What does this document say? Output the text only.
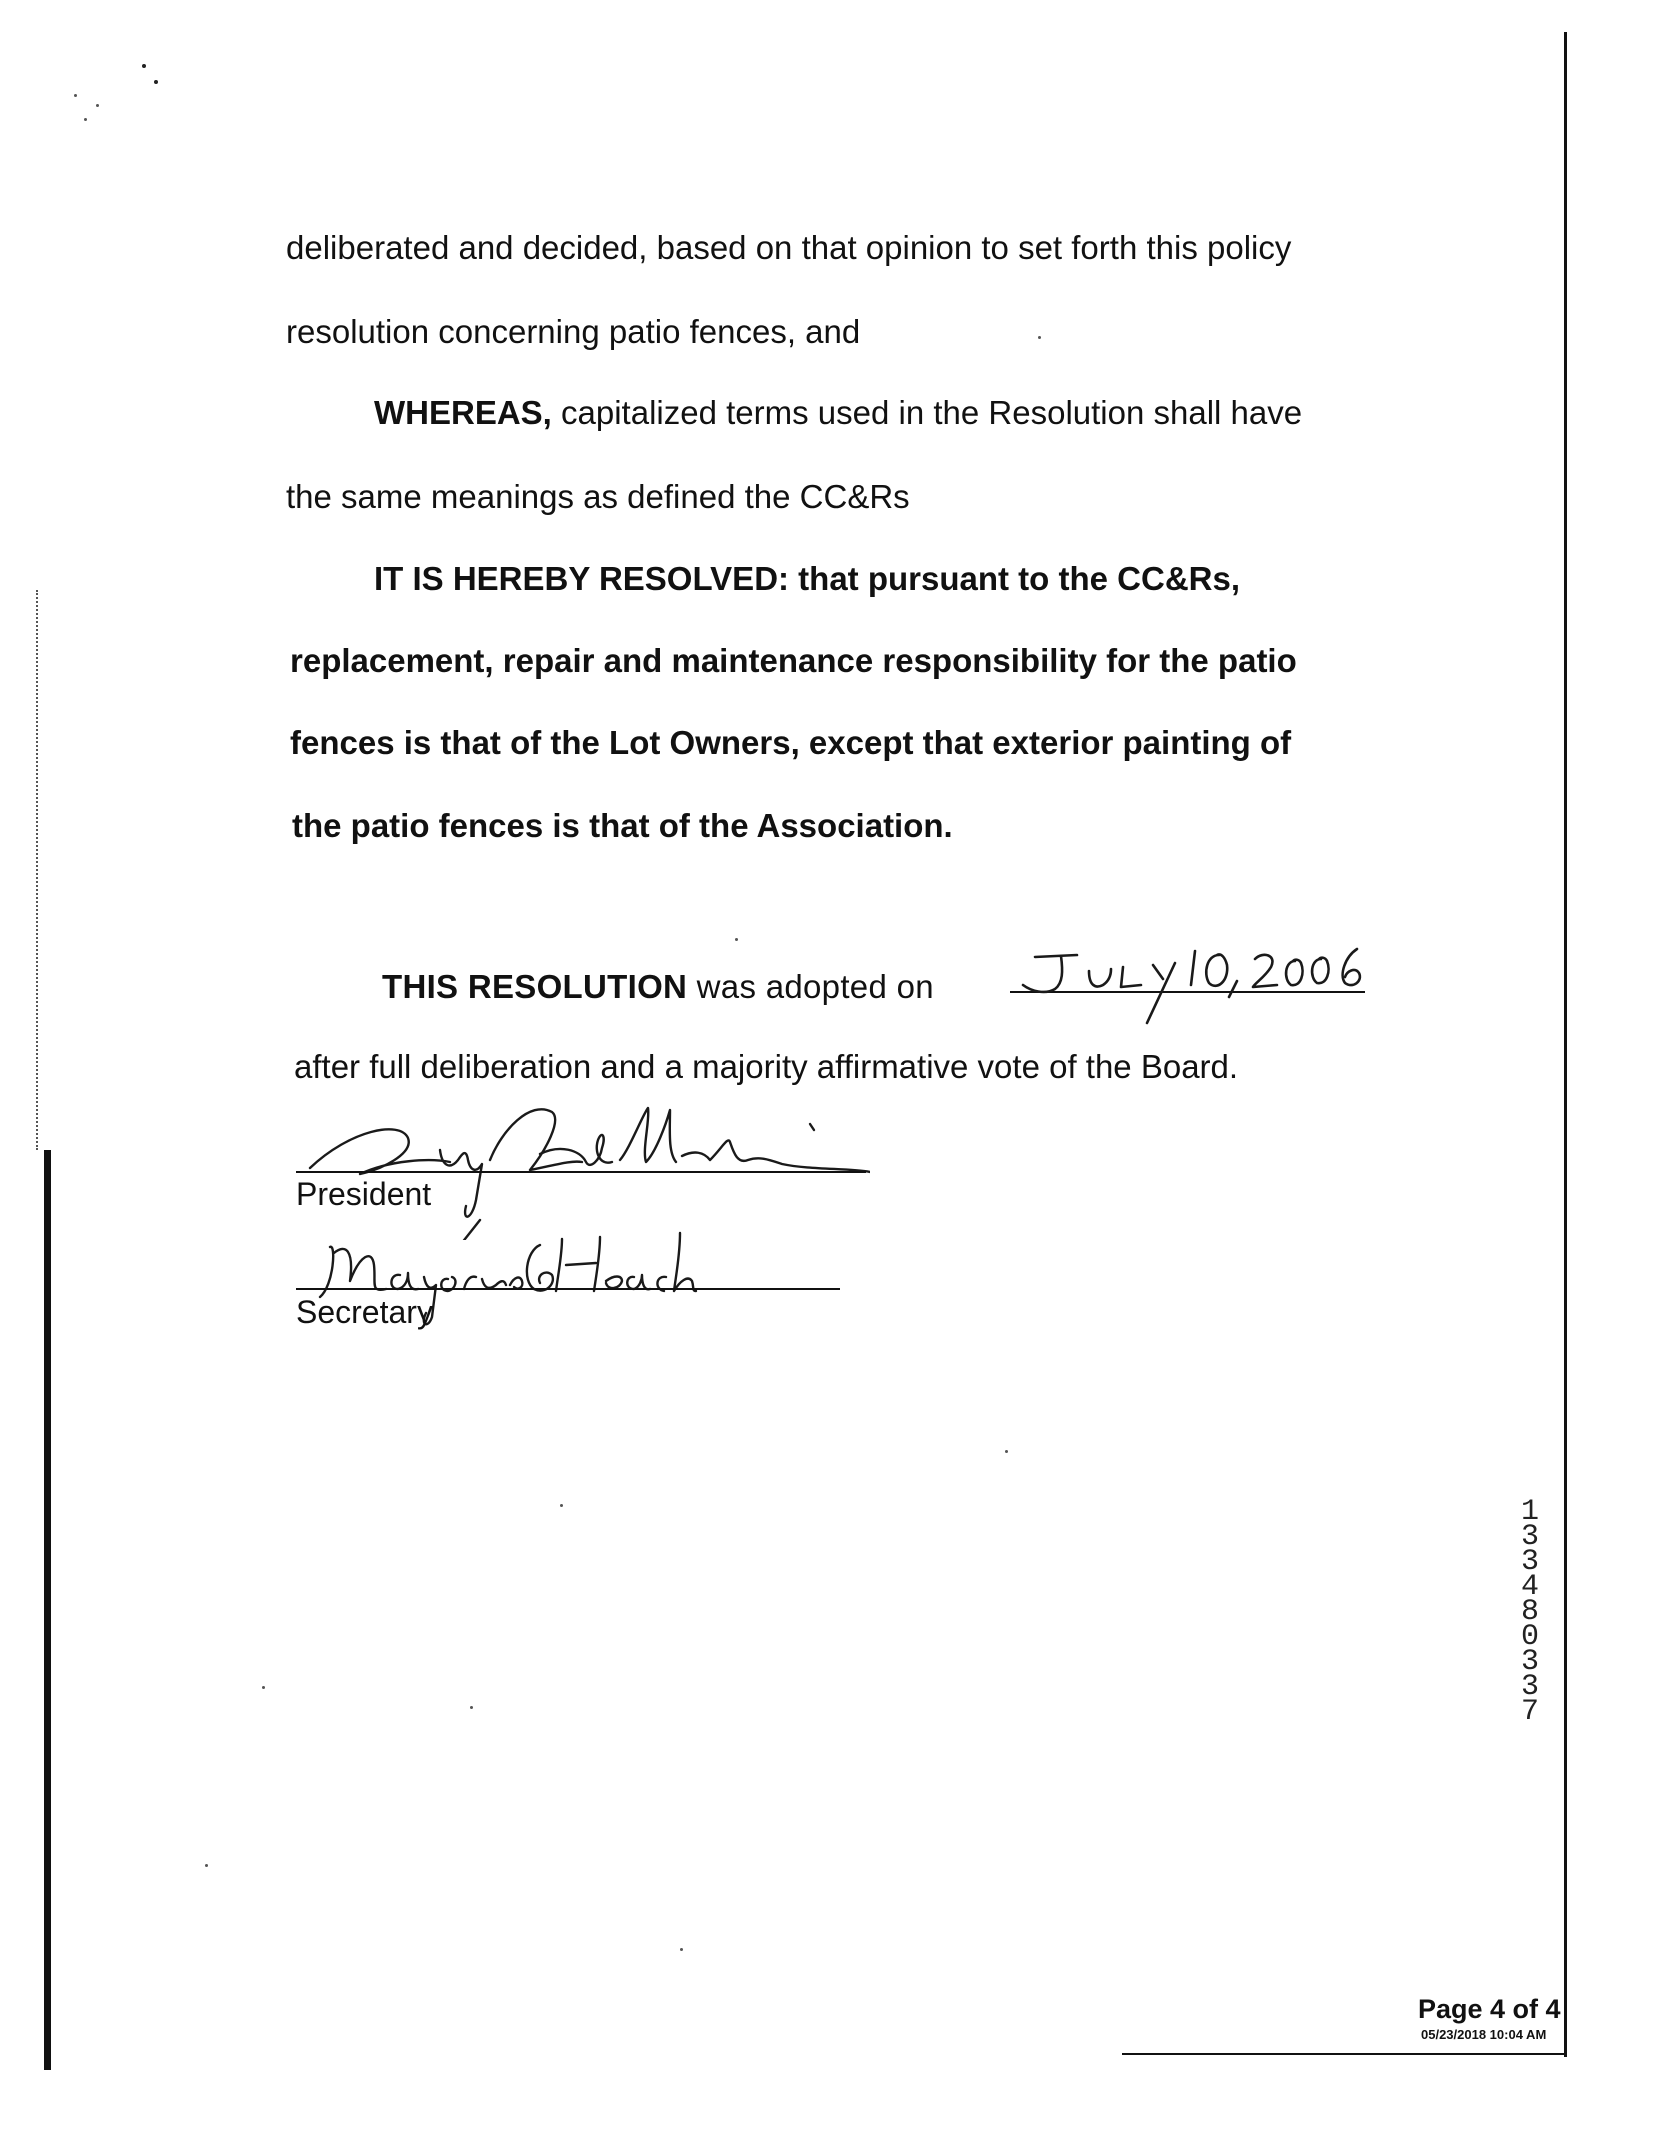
deliberated and decided, based on that opinion to set forth this policy
resolution concerning patio fences, and
WHEREAS, capitalized terms used in the Resolution shall have
the same meanings as defined the CC&Rs
IT IS HEREBY RESOLVED: that pursuant to the CC&Rs,
replacement, repair and maintenance responsibility for the patio
fences is that of the Lot Owners, except that exterior painting of
the patio fences is that of the Association.
THIS RESOLUTION was adopted on
after full deliberation and a majority affirmative vote of the Board.
President
Secretary
13348 0337
Page 4 of 4
05/23/2018 10:04 AM
